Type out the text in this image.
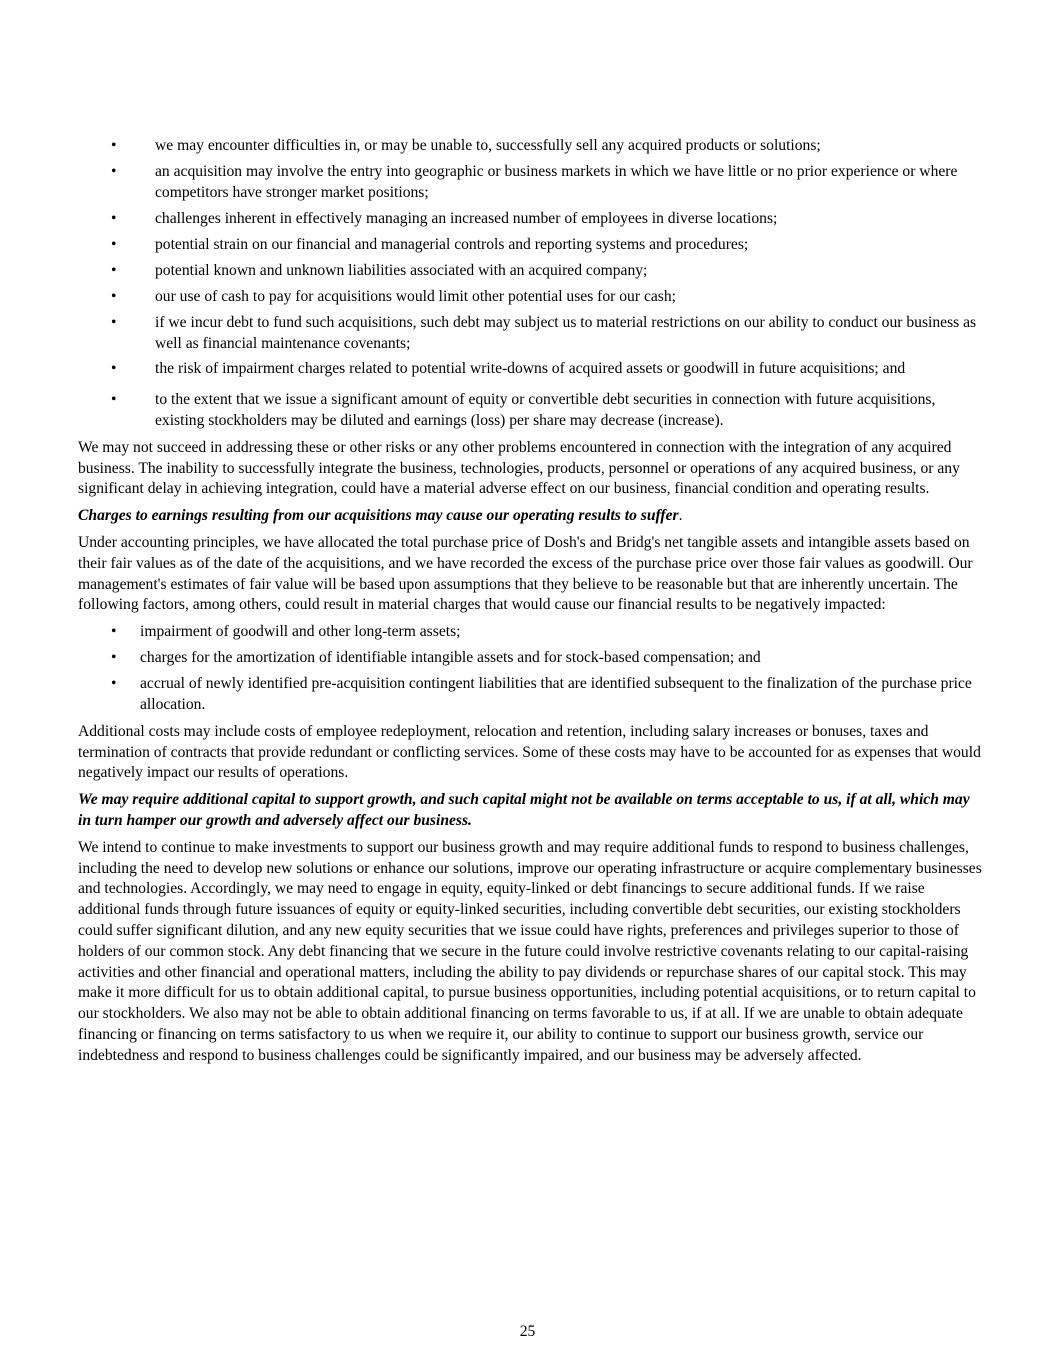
• we may encounter difficulties in, or may be unable to, successfully sell any acquired products or solutions;
• an acquisition may involve the entry into geographic or business markets in which we have little or no prior experience or where competitors have stronger market positions;
• challenges inherent in effectively managing an increased number of employees in diverse locations;
• potential strain on our financial and managerial controls and reporting systems and procedures;
• potential known and unknown liabilities associated with an acquired company;
• our use of cash to pay for acquisitions would limit other potential uses for our cash;
• if we incur debt to fund such acquisitions, such debt may subject us to material restrictions on our ability to conduct our business as well as financial maintenance covenants;
• the risk of impairment charges related to potential write-downs of acquired assets or goodwill in future acquisitions; and
• to the extent that we issue a significant amount of equity or convertible debt securities in connection with future acquisitions, existing stockholders may be diluted and earnings (loss) per share may decrease (increase).

We may not succeed in addressing these or other risks or any other problems encountered in connection with the integration of any acquired business. The inability to successfully integrate the business, technologies, products, personnel or operations of any acquired business, or any significant delay in achieving integration, could have a material adverse effect on our business, financial condition and operating results.

Charges to earnings resulting from our acquisitions may cause our operating results to suffer.

Under accounting principles, we have allocated the total purchase price of Dosh's and Bridg's net tangible assets and intangible assets based on their fair values as of the date of the acquisitions, and we have recorded the excess of the purchase price over those fair values as goodwill. Our management's estimates of fair value will be based upon assumptions that they believe to be reasonable but that are inherently uncertain. The following factors, among others, could result in material charges that would cause our financial results to be negatively impacted:

• impairment of goodwill and other long-term assets;
• charges for the amortization of identifiable intangible assets and for stock-based compensation; and
• accrual of newly identified pre-acquisition contingent liabilities that are identified subsequent to the finalization of the purchase price allocation.

Additional costs may include costs of employee redeployment, relocation and retention, including salary increases or bonuses, taxes and termination of contracts that provide redundant or conflicting services. Some of these costs may have to be accounted for as expenses that would negatively impact our results of operations.

We may require additional capital to support growth, and such capital might not be available on terms acceptable to us, if at all, which may in turn hamper our growth and adversely affect our business.

We intend to continue to make investments to support our business growth and may require additional funds to respond to business challenges, including the need to develop new solutions or enhance our solutions, improve our operating infrastructure or acquire complementary businesses and technologies. Accordingly, we may need to engage in equity, equity-linked or debt financings to secure additional funds. If we raise additional funds through future issuances of equity or equity-linked securities, including convertible debt securities, our existing stockholders could suffer significant dilution, and any new equity securities that we issue could have rights, preferences and privileges superior to those of holders of our common stock. Any debt financing that we secure in the future could involve restrictive covenants relating to our capital-raising activities and other financial and operational matters, including the ability to pay dividends or repurchase shares of our capital stock. This may make it more difficult for us to obtain additional capital, to pursue business opportunities, including potential acquisitions, or to return capital to our stockholders. We also may not be able to obtain additional financing on terms favorable to us, if at all. If we are unable to obtain adequate financing or financing on terms satisfactory to us when we require it, our ability to continue to support our business growth, service our indebtedness and respond to business challenges could be significantly impaired, and our business may be adversely affected.

25
